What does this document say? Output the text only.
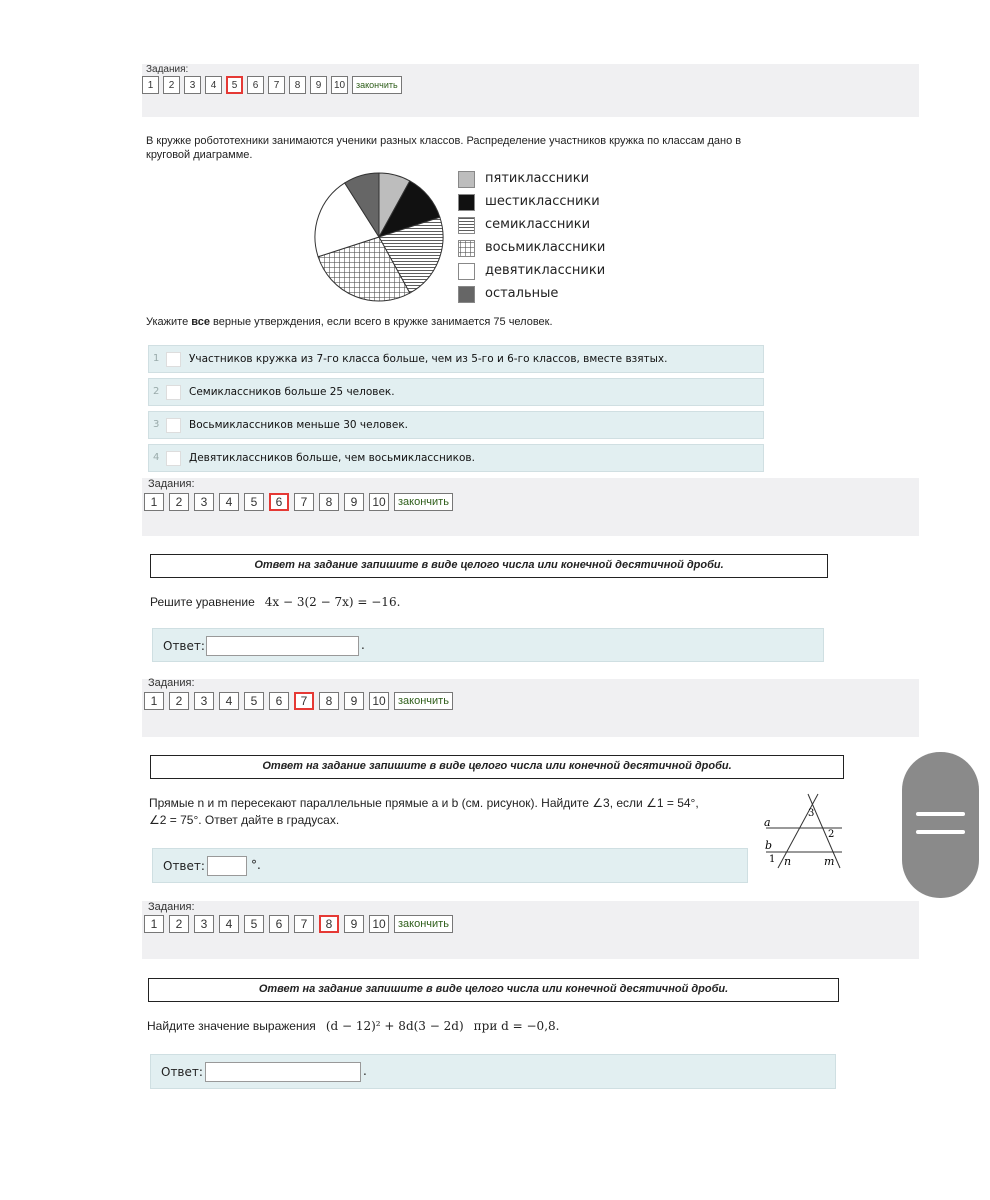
Задания:
1	2	3	4	5	6	7	8	9	10	закончить
В кружке робототехники занимаются ученики разных классов. Распределение участников кружка по классам дано в круговой диаграмме.
пятиклассники
шестиклассники
семиклассники
восьмиклассники
девятиклассники
остальные
Укажите все верные утверждения, если всего в кружке занимается 75 человек.
1	Участников кружка из 7-го класса больше, чем из 5-го и 6-го классов, вместе взятых.
2	Семиклассников больше 25 человек.
3	Восьмиклассников меньше 30 человек.
4	Девятиклассников больше, чем восьмиклассников.
Задания:
1	2	3	4	5	6	7	8	9	10	закончить
Ответ на задание запишите в виде целого числа или конечной десятичной дроби.
Решите уравнение 4x − 3(2 − 7x) = −16.
Ответ:	.
Задания:
1	2	3	4	5	6	7	8	9	10	закончить
Ответ на задание запишите в виде целого числа или конечной десятичной дроби.
Прямые n и m пересекают параллельные прямые a и b (см. рисунок). Найдите ∠3, если ∠1 = 54°,
∠2 = 75°. Ответ дайте в градусах.	a
b
n	m
1
2
3
Ответ:	°.
Задания:
1	2	3	4	5	6	7	8	9	10	закончить
Ответ на задание запишите в виде целого числа или конечной десятичной дроби.
Найдите значение выражения (d − 12)² + 8d(3 − 2d) при d = −0,8.
Ответ:	.
